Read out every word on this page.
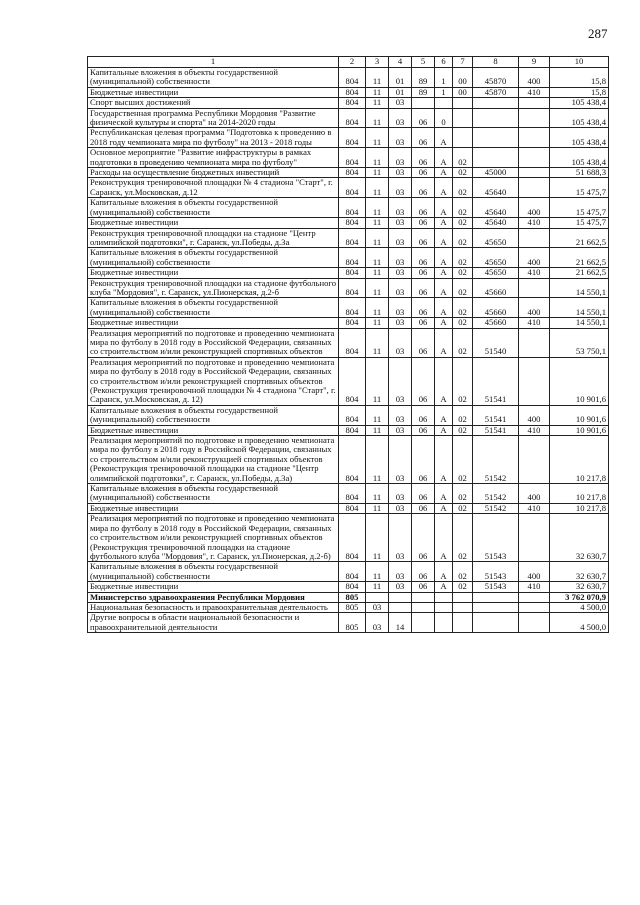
287
1	2	3	4	5	6	7	8	9	10
Капитальные вложения в объекты государственной (муниципальной) собственности	804	11	01	89	1	00	45870	400	15,8
Бюджетные инвестиции	804	11	01	89	1	00	45870	410	15,8
Спорт высших достижений	804	11	03						105 438,4
Государственная программа Республики Мордовия "Развитие физической культуры и спорта" на 2014-2020 годы	804	11	03	06	0				105 438,4
Республиканская целевая программа "Подготовка к проведению в 2018 году чемпионата мира по футболу" на 2013 - 2018 годы	804	11	03	06	А				105 438,4
Основное мероприятие "Развитие инфраструктуры в рамках подготовки в проведению чемпионата мира по футболу"	804	11	03	06	А	02			105 438,4
Расходы на осуществление бюджетных инвестиций	804	11	03	06	А	02	45000		51 688,3
Реконструкция тренировочной площадки № 4 стадиона "Старт", г. Саранск, ул.Московская, д.12	804	11	03	06	А	02	45640		15 475,7
Капитальные вложения в объекты государственной (муниципальной) собственности	804	11	03	06	А	02	45640	400	15 475,7
Бюджетные инвестиции	804	11	03	06	А	02	45640	410	15 475,7
Реконструкция тренировочной площадки на стадионе "Центр олимпийской подготовки", г. Саранск, ул.Победы, д.3а	804	11	03	06	А	02	45650		21 662,5
Капитальные вложения в объекты государственной (муниципальной) собственности	804	11	03	06	А	02	45650	400	21 662,5
Бюджетные инвестиции	804	11	03	06	А	02	45650	410	21 662,5
Реконструкция тренировочной площадки на стадионе футбольного клуба "Мордовия", г. Саранск, ул.Пионерская, д.2-б	804	11	03	06	А	02	45660		14 550,1
Капитальные вложения в объекты государственной (муниципальной) собственности	804	11	03	06	А	02	45660	400	14 550,1
Бюджетные инвестиции	804	11	03	06	А	02	45660	410	14 550,1
Реализация мероприятий по подготовке и проведению чемпионата мира по футболу в 2018 году в Российской Федерации, связанных со строительством и/или реконструкцией спортивных объектов	804	11	03	06	А	02	51540		53 750,1
Реализация мероприятий по подготовке и проведению чемпионата мира по футболу в 2018 году в Российской Федерации, связанных со строительством и/или реконструкцией спортивных объектов (Реконструкция тренировочной площадки № 4 стадиона "Старт", г. Саранск, ул.Московская, д. 12)	804	11	03	06	А	02	51541		10 901,6
Капитальные вложения в объекты государственной (муниципальной) собственности	804	11	03	06	А	02	51541	400	10 901,6
Бюджетные инвестиции	804	11	03	06	А	02	51541	410	10 901,6
Реализация мероприятий по подготовке и проведению чемпионата мира по футболу в 2018 году в Российской Федерации, связанных со строительством и/или реконструкцией спортивных объектов (Реконструкция тренировочной площадки на стадионе "Центр олимпийской подготовки", г. Саранск, ул.Победы, д.3а)	804	11	03	06	А	02	51542		10 217,8
Капитальные вложения в объекты государственной (муниципальной) собственности	804	11	03	06	А	02	51542	400	10 217,8
Бюджетные инвестиции	804	11	03	06	А	02	51542	410	10 217,8
Реализация мероприятий по подготовке и проведению чемпионата мира по футболу в 2018 году в Российской Федерации, связанных со строительством и/или реконструкцией спортивных объектов (Реконструкция тренировочной площадки на стадионе футбольного клуба "Мордовия", г. Саранск, ул.Пионерская, д.2-б)	804	11	03	06	А	02	51543		32 630,7
Капитальные вложения в объекты государственной (муниципальной) собственности	804	11	03	06	А	02	51543	400	32 630,7
Бюджетные инвестиции	804	11	03	06	А	02	51543	410	32 630,7
Министерство здравоохранения Республики Мордовия	805								3 762 070,9
Национальная безопасность и правоохранительная деятельность	805	03							4 500,0
Другие вопросы в области национальной безопасности и правоохранительной деятельности	805	03	14						4 500,0
